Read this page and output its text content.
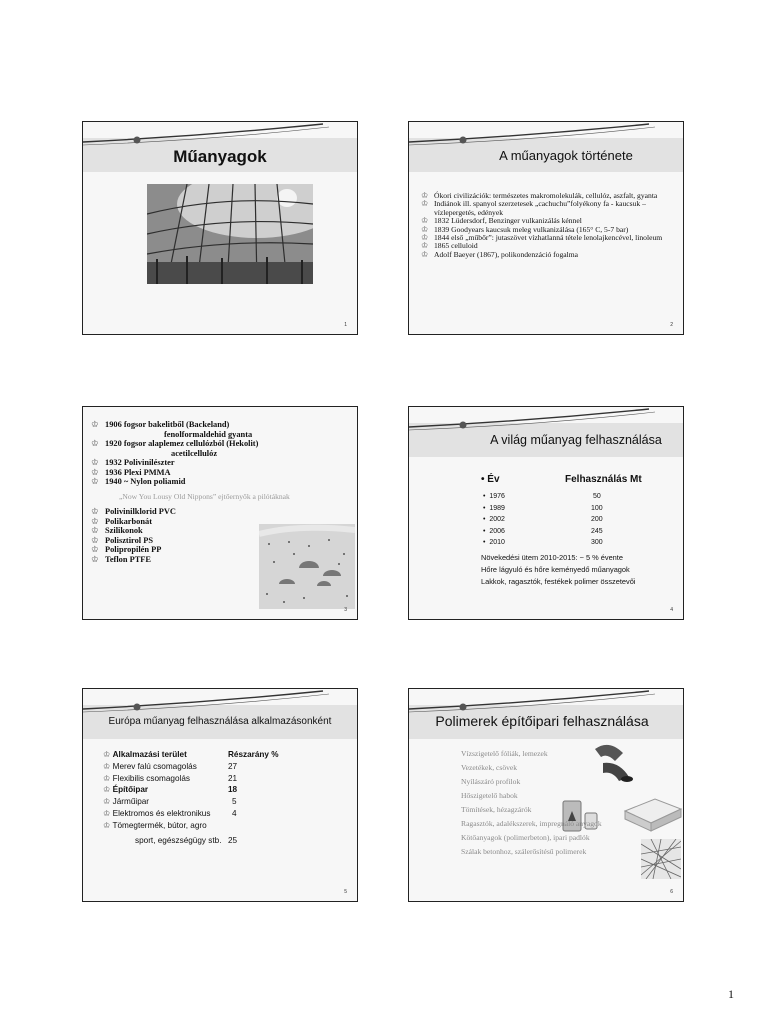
Műanyagok
1
A műanyagok története
♔ Ókori civilizációk: természetes makromolekulák, cellulóz, aszfalt, gyanta
♔ Indiánok ill. spanyol szerzetesek „cachuchu”folyékony fa - kaucsuk – vízlepergetés, edények
♔ 1832 Lüdersdorf, Benzinger vulkanizálás kénnel
♔ 1839 Goodyears kaucsuk meleg vulkanizálása (165° C, 5-7 bar)
♔ 1844 első „műbőr”: jutaszövet vízhatlanná tétele lenolajkencével, linoleum
♔ 1865 celluloid
♔ Adolf Baeyer (1867), polikondenzáció fogalma
2
♔ 1906 fogsor bakelitből (Backeland)
fenolformaldehid gyanta
♔ 1920 fogsor alaplemez cellulózból (Hekolit)
acetilcellulóz
♔ 1932 Polivinilészter
♔ 1936 Plexi PMMA
♔ 1940 ~ Nylon poliamid
„Now You Lousy Old Nippons” ejtőernyők a pilótáknak
♔ Polivinilklorid PVC
♔ Polikarbonát
♔ Szilikonok
♔ Polisztirol PS
♔ Polipropilén PP
♔ Teflon PTFE
3
A világ műanyag felhasználása
• Év	Felhasználás Mt
•  1976	50
•  1989	100
•  2002	200
•  2006	245
•  2010	300
Növekedési ütem 2010-2015: ~ 5 % évente
Hőre lágyuló és hőre keményedő műanyagok
Lakkok, ragasztók, festékek polimer összetevői
4
Európa műanyag felhasználása alkalmazásonként
♔ Alkalmazási terület	Részarány %
♔ Merev falú csomagolás	27
♔ Flexibilis csomagolás	21
♔ Építőipar	18
♔ Járműipar	5
♔ Elektromos és elektronikus	4
♔ Tömegtermék, bútor, agro
sport, egészségügy stb. 25
5
Polimerek építőipari felhasználása
Vízszigetelő fóliák, lemezek
Vezetékek, csövek
Nyílászáró profilok
Hőszigetelő habok
Tömítések, hézagzárók
Ragasztók, adalékszerek, impregnáló anyagok
Kötőanyagok (polimerbeton), ipari padlók
Szálak betonhoz, szálerősítésű polimerek
6
1
